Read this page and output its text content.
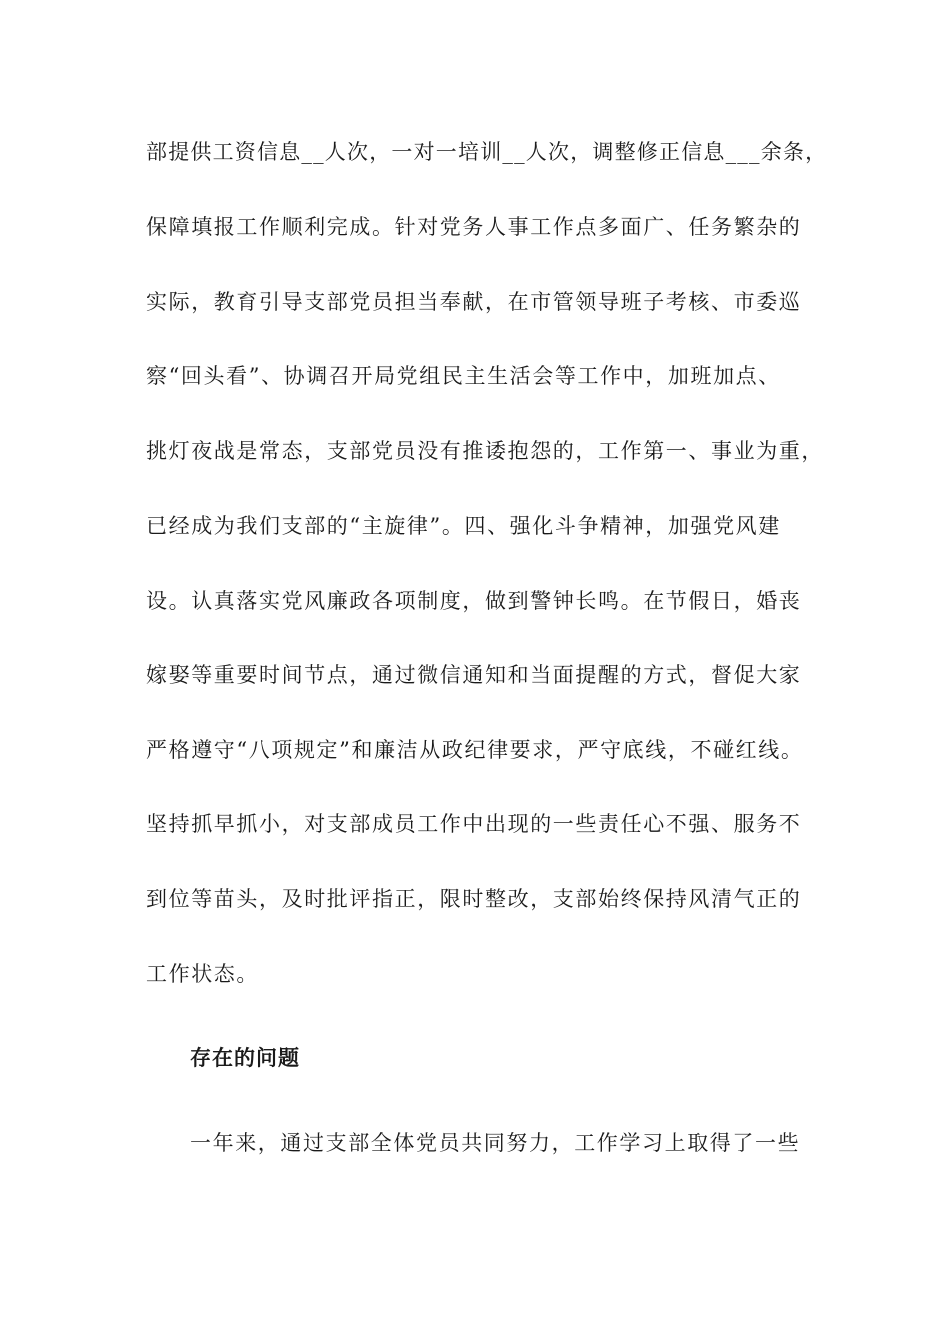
部提供工资信息__人次，一对一培训__人次，调整修正信息___余条，
保障填报工作顺利完成。针对党务人事工作点多面广、任务繁杂的
实际，教育引导支部党员担当奉献，在市管领导班子考核、市委巡
察“回头看”、协调召开局党组民主生活会等工作中，加班加点、
挑灯夜战是常态，支部党员没有推诿抱怨的，工作第一、事业为重，
已经成为我们支部的“主旋律”。四、强化斗争精神，加强党风建
设。认真落实党风廉政各项制度，做到警钟长鸣。在节假日，婚丧
嫁娶等重要时间节点，通过微信通知和当面提醒的方式，督促大家
严格遵守“八项规定”和廉洁从政纪律要求，严守底线，不碰红线。
坚持抓早抓小，对支部成员工作中出现的一些责任心不强、服务不
到位等苗头，及时批评指正，限时整改，支部始终保持风清气正的
工作状态。
存在的问题
一年来，通过支部全体党员共同努力，工作学习上取得了一些
